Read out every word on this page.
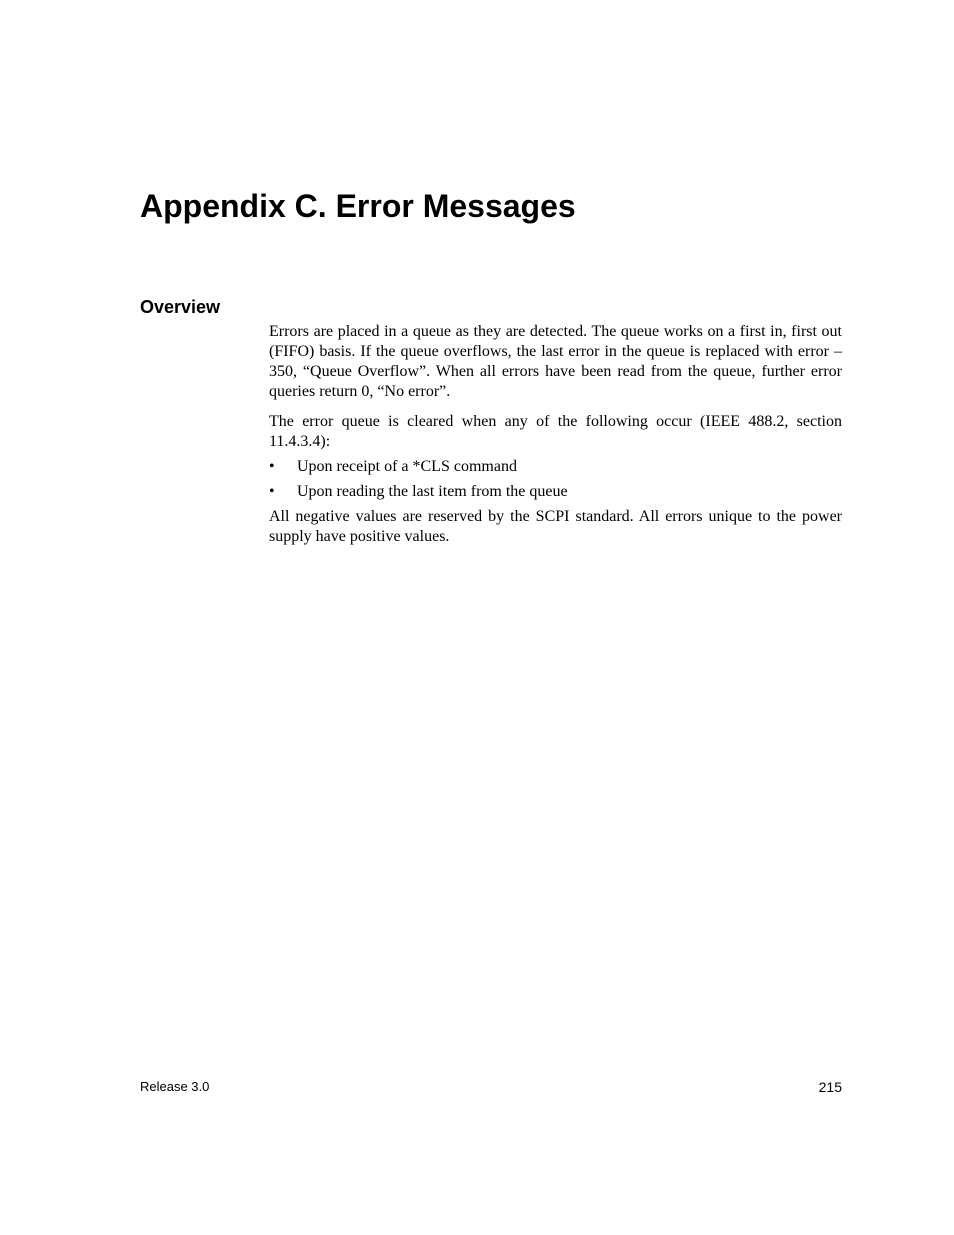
Appendix C. Error Messages
Overview

Errors are placed in a queue as they are detected. The queue works on a first in, first out (FIFO) basis. If the queue overflows, the last error in the queue is replaced with error –350, “Queue Overflow”. When all errors have been read from the queue, further error queries return 0, “No error”.

The error queue is cleared when any of the following occur (IEEE 488.2, section 11.4.3.4):

• Upon receipt of a *CLS command
• Upon reading the last item from the queue

All negative values are reserved by the SCPI standard. All errors unique to the power supply have positive values.

Release 3.0	215
